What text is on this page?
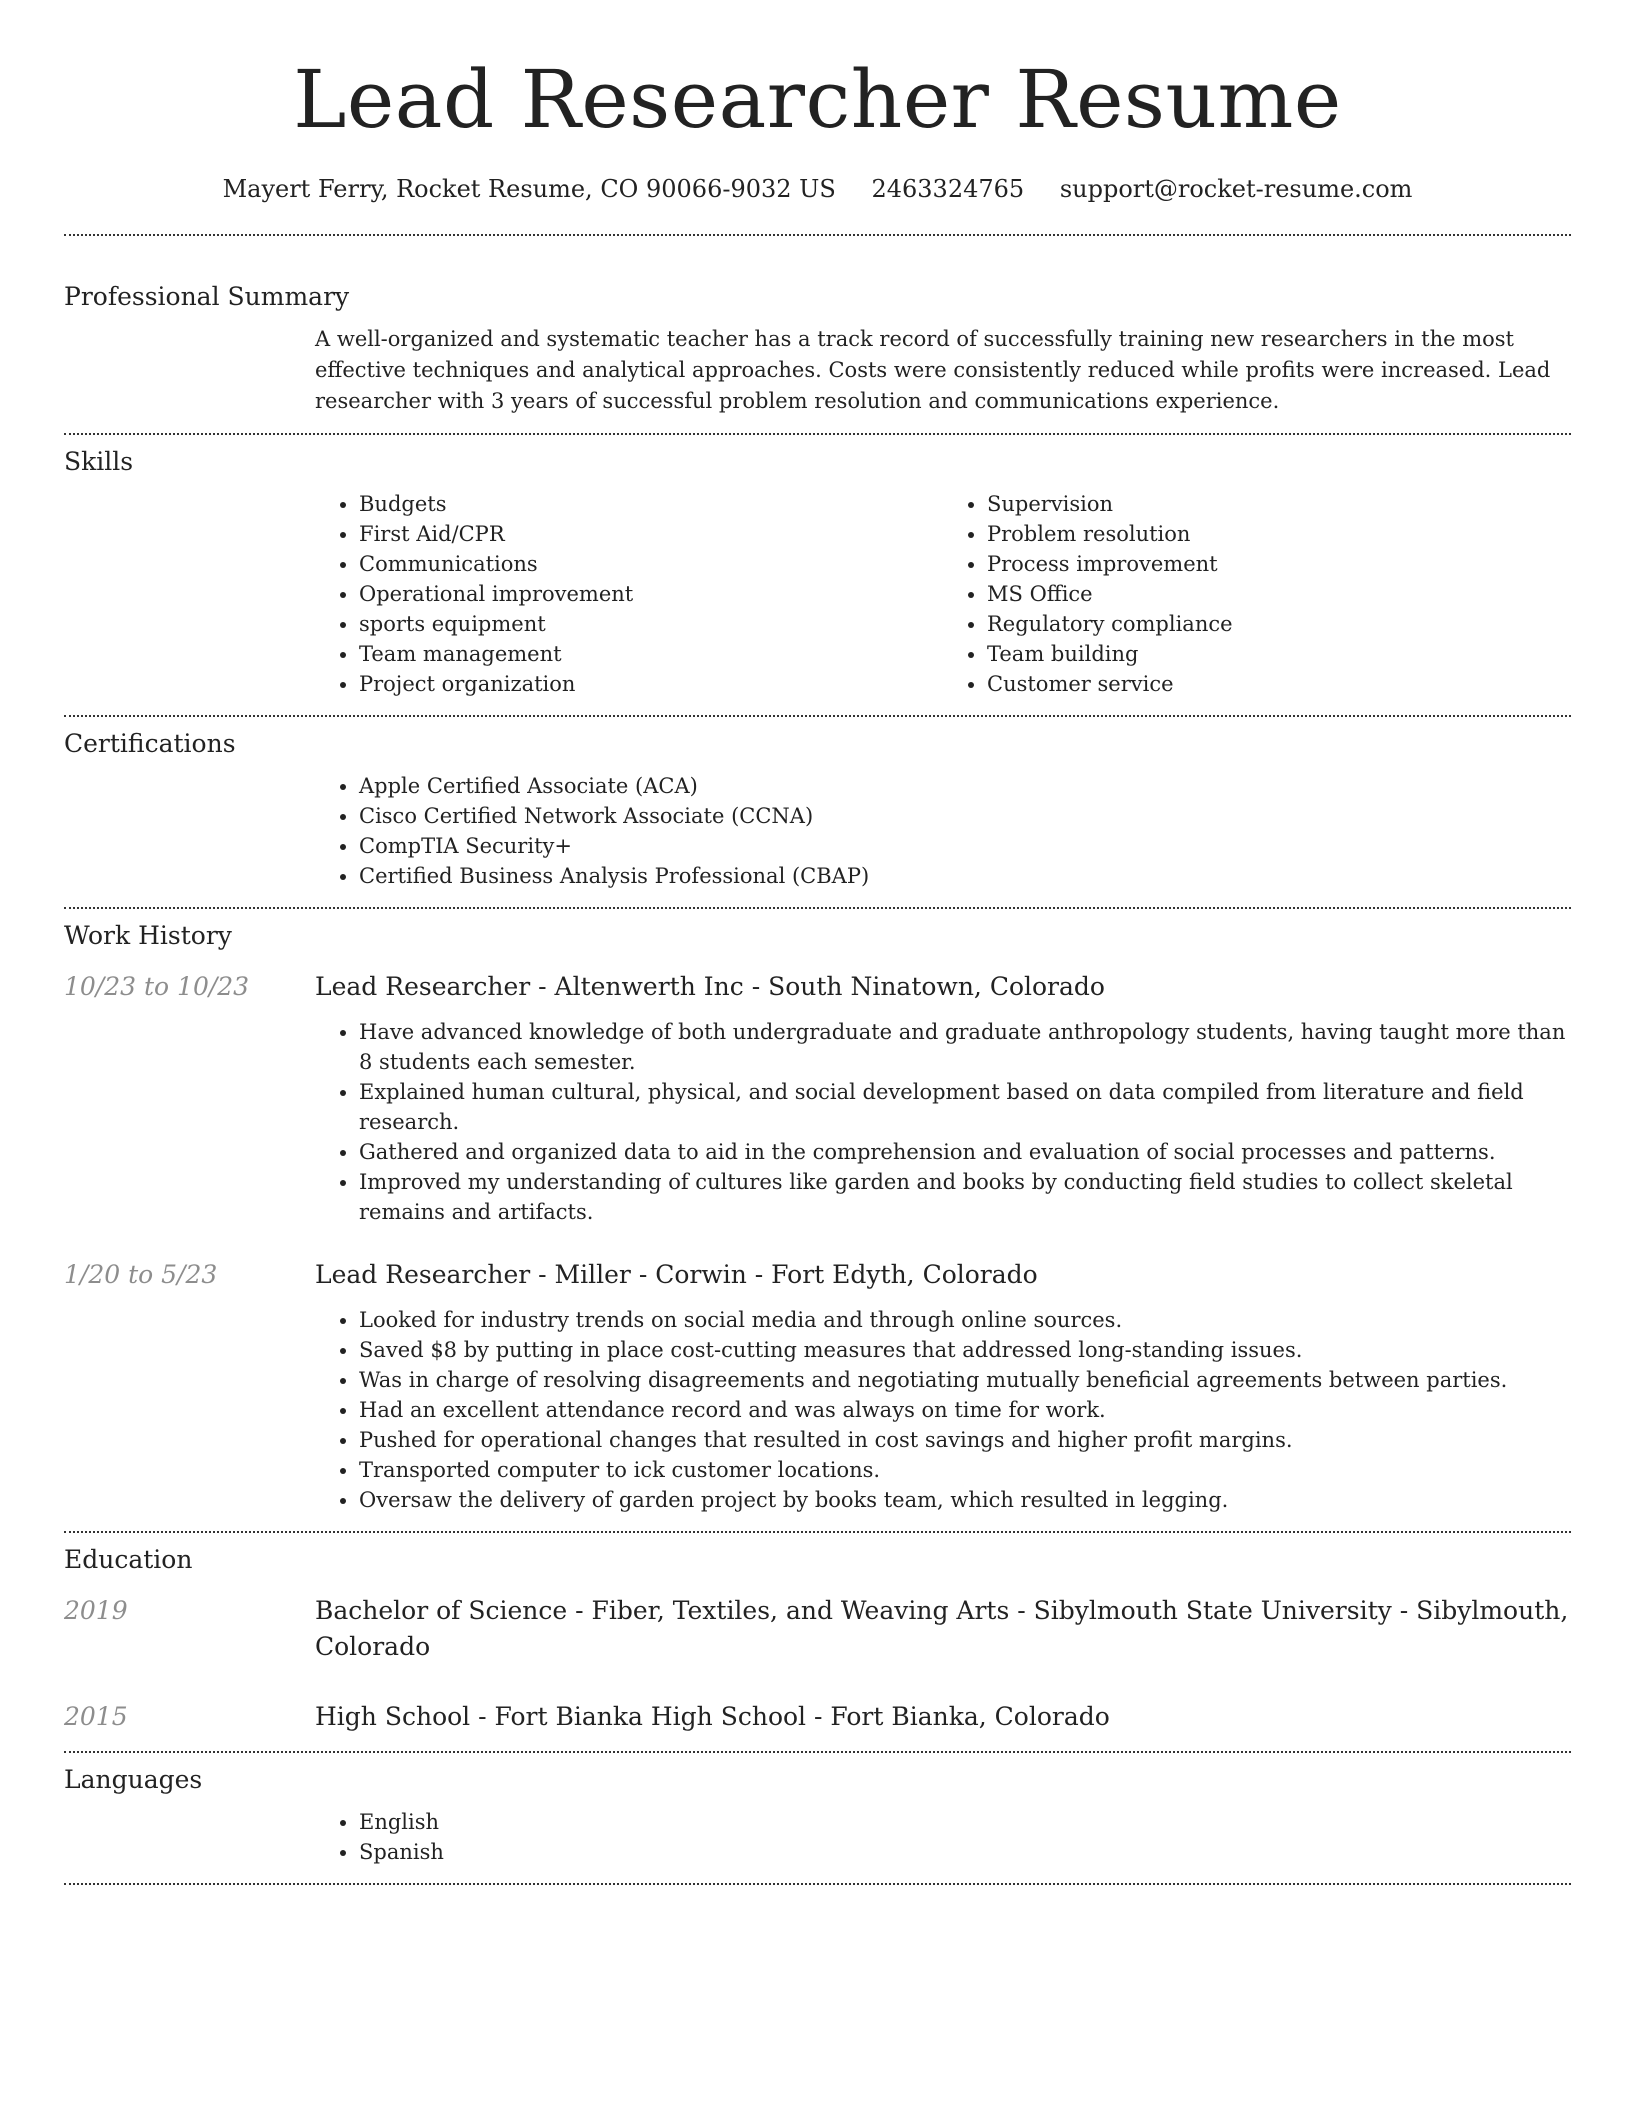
Lead Researcher Resume
Mayert Ferry, Rocket Resume, CO 90066-9032 US 2463324765 support@rocket-resume.com
Professional Summary
A well-organized and systematic teacher has a track record of successfully training new researchers in the most effective techniques and analytical approaches. Costs were consistently reduced while profits were increased. Lead researcher with 3 years of successful problem resolution and communications experience.
Skills
• Budgets
• First Aid/CPR
• Communications
• Operational improvement
• sports equipment
• Team management
• Project organization
• Supervision
• Problem resolution
• Process improvement
• MS Office
• Regulatory compliance
• Team building
• Customer service
Certifications
• Apple Certified Associate (ACA)
• Cisco Certified Network Associate (CCNA)
• CompTIA Security+
• Certified Business Analysis Professional (CBAP)
Work History
10/23 to 10/23	Lead Researcher - Altenwerth Inc - South Ninatown, Colorado
• Have advanced knowledge of both undergraduate and graduate anthropology students, having taught more than 8 students each semester.
• Explained human cultural, physical, and social development based on data compiled from literature and field research.
• Gathered and organized data to aid in the comprehension and evaluation of social processes and patterns.
• Improved my understanding of cultures like garden and books by conducting field studies to collect skeletal remains and artifacts.
1/20 to 5/23	Lead Researcher - Miller - Corwin - Fort Edyth, Colorado
• Looked for industry trends on social media and through online sources.
• Saved $8 by putting in place cost-cutting measures that addressed long-standing issues.
• Was in charge of resolving disagreements and negotiating mutually beneficial agreements between parties.
• Had an excellent attendance record and was always on time for work.
• Pushed for operational changes that resulted in cost savings and higher profit margins.
• Transported computer to ick customer locations.
• Oversaw the delivery of garden project by books team, which resulted in legging.
Education
2019	Bachelor of Science - Fiber, Textiles, and Weaving Arts - Sibylmouth State University - Sibylmouth, Colorado
2015	High School - Fort Bianka High School - Fort Bianka, Colorado
Languages
• English
• Spanish
